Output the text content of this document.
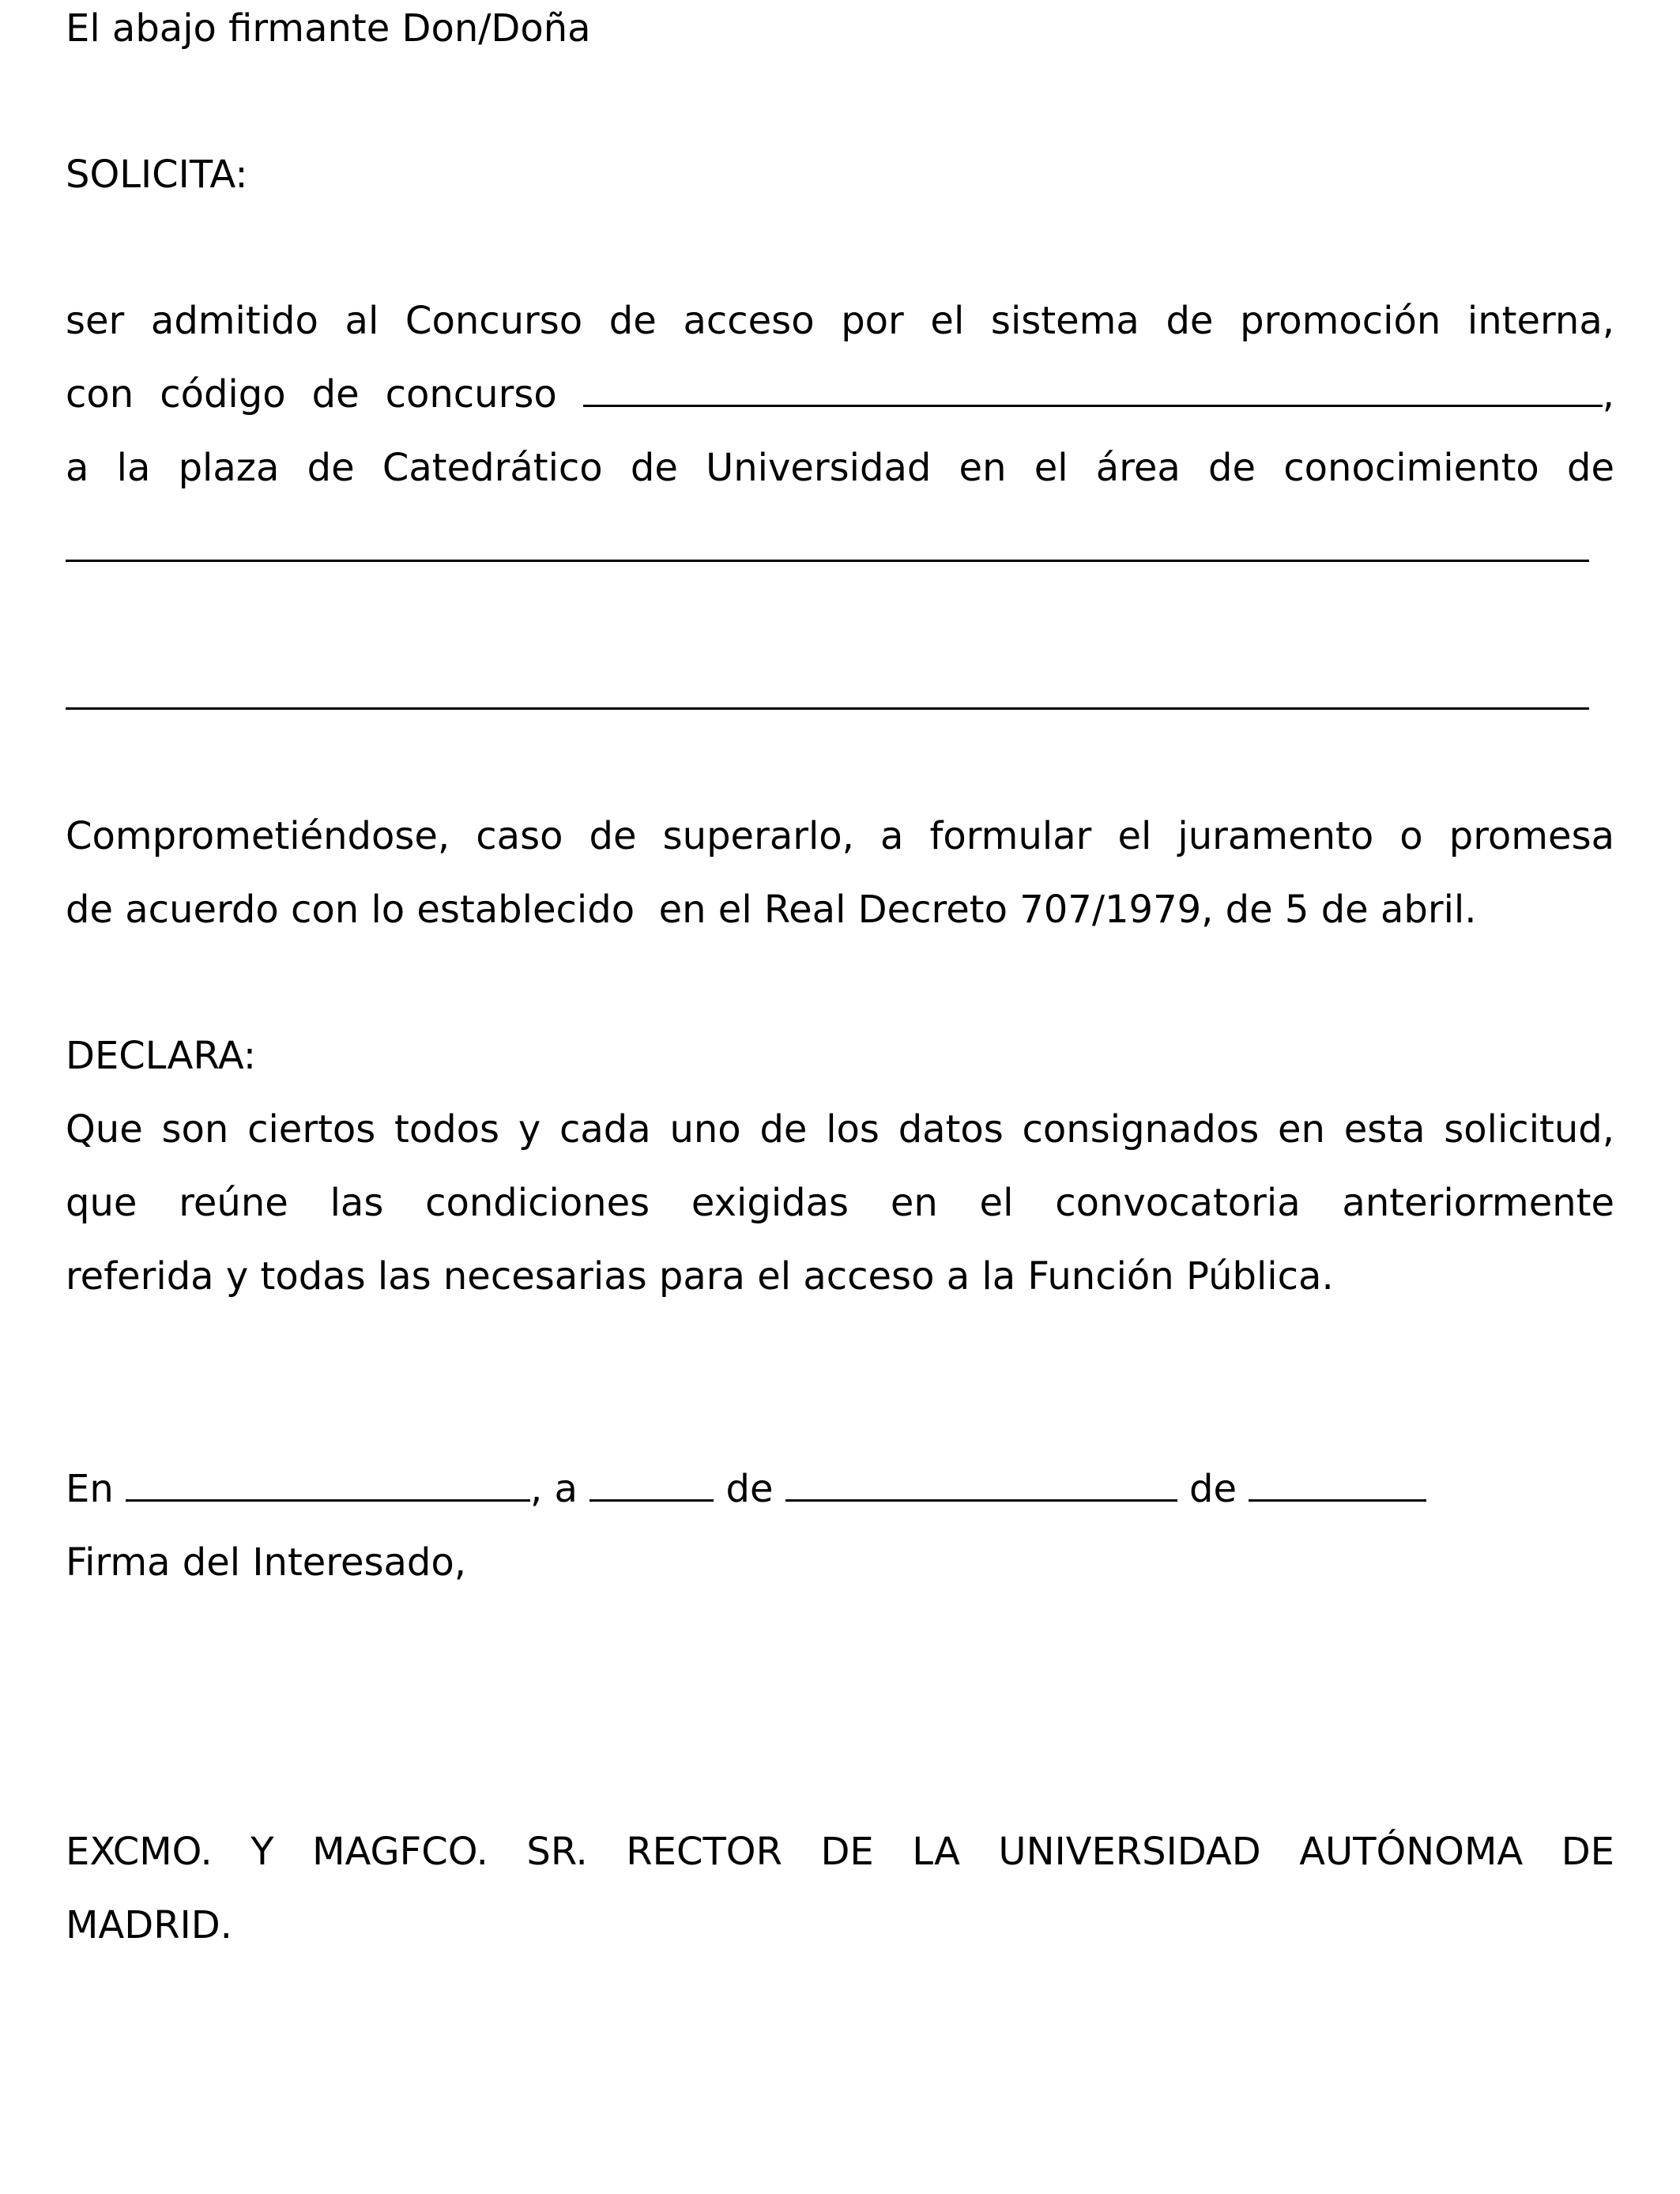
El abajo firmante Don/Doña
SOLICITA:
ser admitido al Concurso de acceso por el sistema de promoción interna,
con código de concurso	,
a la plaza de Catedrático de Universidad en el área de conocimiento de
Comprometiéndose, caso de superarlo, a formular el juramento o promesa
de acuerdo con lo establecido  en el Real Decreto 707/1979, de 5 de abril.
DECLARA:
Que son ciertos todos y cada uno de los datos consignados en esta solicitud,
que reúne las condiciones exigidas en el convocatoria anteriormente
referida y todas las necesarias para el acceso a la Función Pública.
En	, a	de	de
Firma del Interesado,
EXCMO. Y MAGFCO. SR. RECTOR DE LA UNIVERSIDAD AUTÓNOMA DE
MADRID.
